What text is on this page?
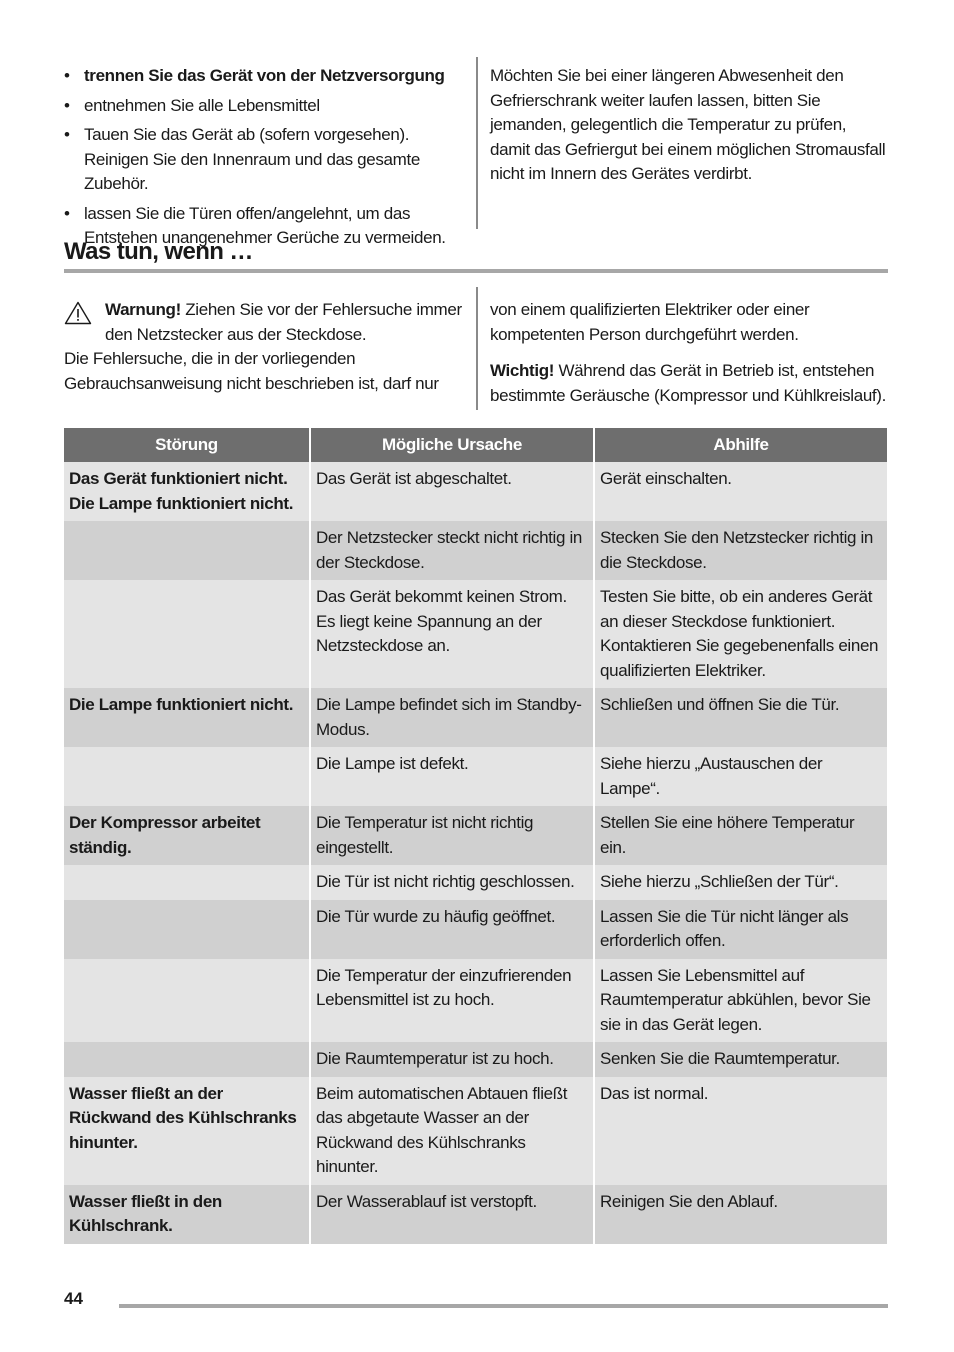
• trennen Sie das Gerät von der Netzversorgung
• entnehmen Sie alle Lebensmittel
• Tauen Sie das Gerät ab (sofern vorgesehen). Reinigen Sie den Innenraum und das gesamte Zubehör.
• lassen Sie die Türen offen/angelehnt, um das Entstehen unangenehmer Gerüche zu vermeiden.

Möchten Sie bei einer längeren Abwesenheit den Gefrierschrank weiter laufen lassen, bitten Sie jemanden, gelegentlich die Temperatur zu prüfen, damit das Gefriergut bei einem möglichen Stromausfall nicht im Innern des Gerätes verdirbt.

Was tun, wenn …
Warnung! Ziehen Sie vor der Fehlersuche immer den Netzstecker aus der Steckdose.

Die Fehlersuche, die in der vorliegenden Gebrauchsanweisung nicht beschrieben ist, darf nur

von einem qualifizierten Elektriker oder einer kompetenten Person durchgeführt werden.

Wichtig! Während das Gerät in Betrieb ist, entstehen bestimmte Geräusche (Kompressor und Kühlkreislauf).

Störung	Mögliche Ursache	Abhilfe
Das Gerät funktioniert nicht. Die Lampe funktioniert nicht.	Das Gerät ist abgeschaltet.	Gerät einschalten.
	Der Netzstecker steckt nicht richtig in der Steckdose.	Stecken Sie den Netzstecker richtig in die Steckdose.
	Das Gerät bekommt keinen Strom. Es liegt keine Spannung an der Netzsteckdose an.	Testen Sie bitte, ob ein anderes Gerät an dieser Steckdose funktioniert. Kontaktieren Sie gegebenenfalls einen qualifizierten Elektriker.
Die Lampe funktioniert nicht.	Die Lampe befindet sich im Standby-Modus.	Schließen und öffnen Sie die Tür.
	Die Lampe ist defekt.	Siehe hierzu „Austauschen der Lampe“.
Der Kompressor arbeitet ständig.	Die Temperatur ist nicht richtig eingestellt.	Stellen Sie eine höhere Temperatur ein.
	Die Tür ist nicht richtig geschlossen.	Siehe hierzu „Schließen der Tür“.
	Die Tür wurde zu häufig geöffnet.	Lassen Sie die Tür nicht länger als erforderlich offen.
	Die Temperatur der einzufrierenden Lebensmittel ist zu hoch.	Lassen Sie Lebensmittel auf Raumtemperatur abkühlen, bevor Sie sie in das Gerät legen.
	Die Raumtemperatur ist zu hoch.	Senken Sie die Raumtemperatur.
Wasser fließt an der Rückwand des Kühlschranks hinunter.	Beim automatischen Abtauen fließt das abgetaute Wasser an der Rückwand des Kühlschranks hinunter.	Das ist normal.
Wasser fließt in den Kühlschrank.	Der Wasserablauf ist verstopft.	Reinigen Sie den Ablauf.
44
